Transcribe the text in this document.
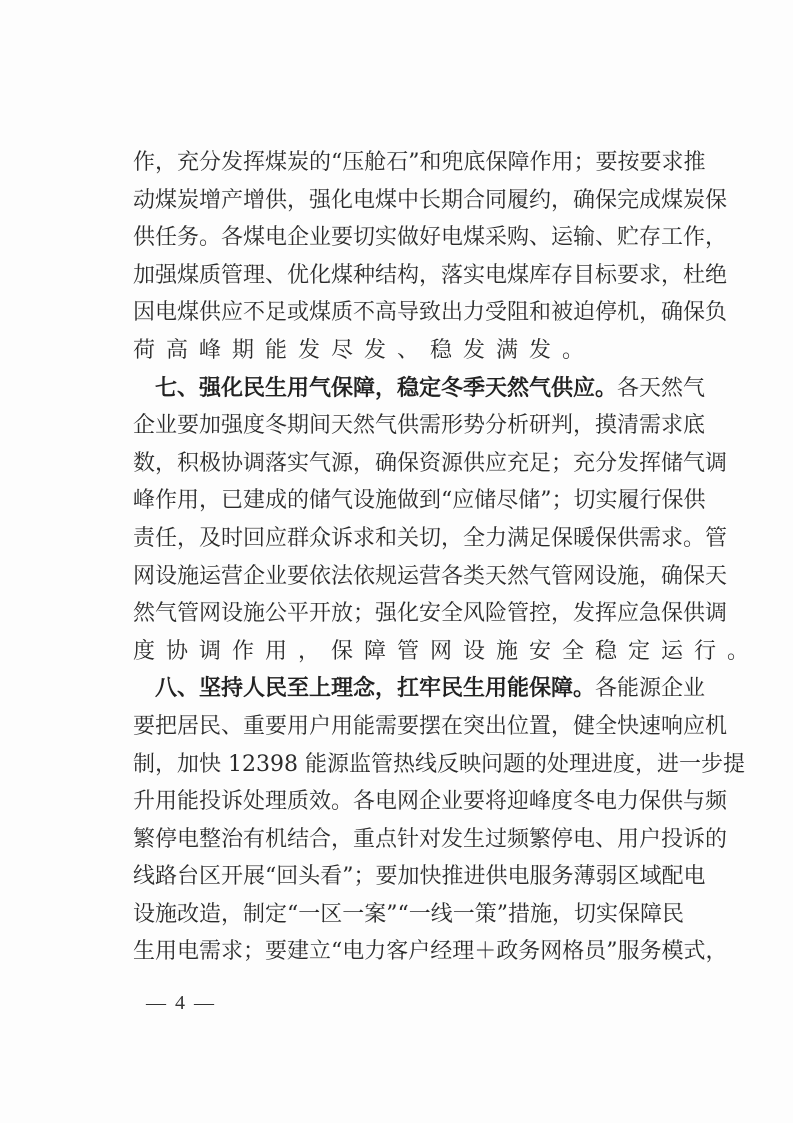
作，充分发挥煤炭的“压舱石”和兜底保障作用；要按要求推
动煤炭增产增供，强化电煤中长期合同履约，确保完成煤炭保
供任务。各煤电企业要切实做好电煤采购、运输、贮存工作，
加强煤质管理、优化煤种结构，落实电煤库存目标要求，杜绝
因电煤供应不足或煤质不高导致出力受阻和被迫停机，确保负
荷高峰期能发尽发、稳发满发。
七、强化民生用气保障，稳定冬季天然气供应。各天然气
企业要加强度冬期间天然气供需形势分析研判，摸清需求底
数，积极协调落实气源，确保资源供应充足；充分发挥储气调
峰作用，已建成的储气设施做到“应储尽储”；切实履行保供
责任，及时回应群众诉求和关切，全力满足保暖保供需求。管
网设施运营企业要依法依规运营各类天然气管网设施，确保天
然气管网设施公平开放；强化安全风险管控，发挥应急保供调
度协调作用，保障管网设施安全稳定运行。
八、坚持人民至上理念，扛牢民生用能保障。各能源企业
要把居民、重要用户用能需要摆在突出位置，健全快速响应机
制，加快 12398 能源监管热线反映问题的处理进度，进一步提
升用能投诉处理质效。各电网企业要将迎峰度冬电力保供与频
繁停电整治有机结合，重点针对发生过频繁停电、用户投诉的
线路台区开展“回头看”；要加快推进供电服务薄弱区域配电
设施改造，制定“一区一案”“一线一策”措施，切实保障民
生用电需求；要建立“电力客户经理＋政务网格员”服务模式，
— 4 —
